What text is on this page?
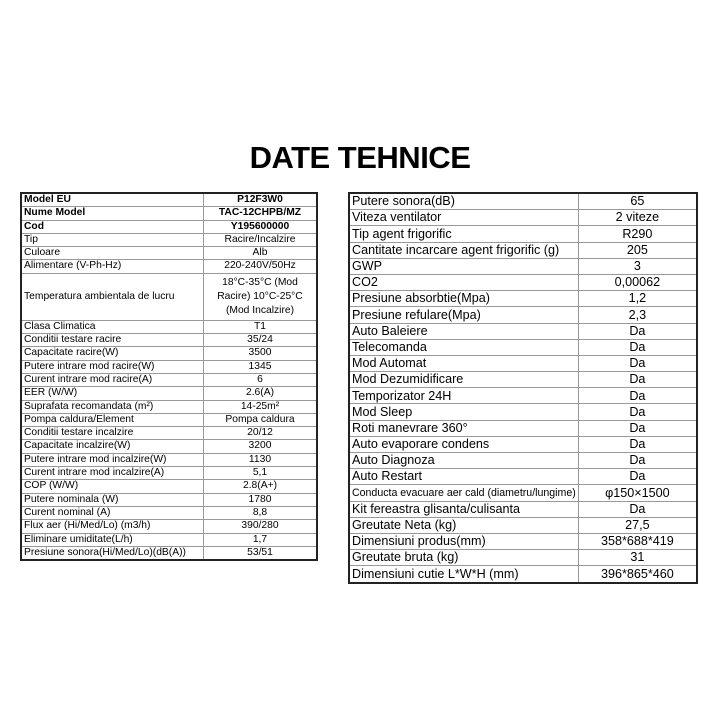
DATE TEHNICE
Model EU	P12F3W0
Nume Model	TAC-12CHPB/MZ
Cod	Y195600000
Tip	Racire/Incalzire
Culoare	Alb
Alimentare (V-Ph-Hz)	220-240V/50Hz
Temperatura ambientala de lucru	18°C-35°C (Mod Racire) 10°C-25°C (Mod Incalzire)
Clasa Climatica	T1
Conditii testare racire	35/24
Capacitate racire(W)	3500
Putere intrare mod racire(W)	1345
Curent intrare mod racire(A)	6
EER (W/W)	2.6(A)
Suprafata recomandata (m²)	14-25m²
Pompa caldura/Element	Pompa caldura
Conditii testare incalzire	20/12
Capacitate incalzire(W)	3200
Putere intrare mod incalzire(W)	1130
Curent intrare mod incalzire(A)	5,1
COP (W/W)	2.8(A+)
Putere nominala (W)	1780
Curent nominal (A)	8,8
Flux aer (Hi/Med/Lo) (m3/h)	390/280
Eliminare umiditate(L/h)	1,7
Presiune sonora(Hi/Med/Lo)(dB(A))	53/51
Putere sonora(dB)	65
Viteza ventilator	2 viteze
Tip agent frigorific	R290
Cantitate incarcare agent frigorific (g)	205
GWP	3
CO2	0,00062
Presiune absorbtie(Mpa)	1,2
Presiune refulare(Mpa)	2,3
Auto Baleiere	Da
Telecomanda	Da
Mod Automat	Da
Mod Dezumidificare	Da
Temporizator 24H	Da
Mod Sleep	Da
Roti manevrare 360°	Da
Auto evaporare condens	Da
Auto Diagnoza	Da
Auto Restart	Da
Conducta evacuare aer cald (diametru/lungime)	φ150×1500
Kit fereastra glisanta/culisanta	Da
Greutate Neta (kg)	27,5
Dimensiuni produs(mm)	358*688*419
Greutate bruta (kg)	31
Dimensiuni cutie L*W*H (mm)	396*865*460
